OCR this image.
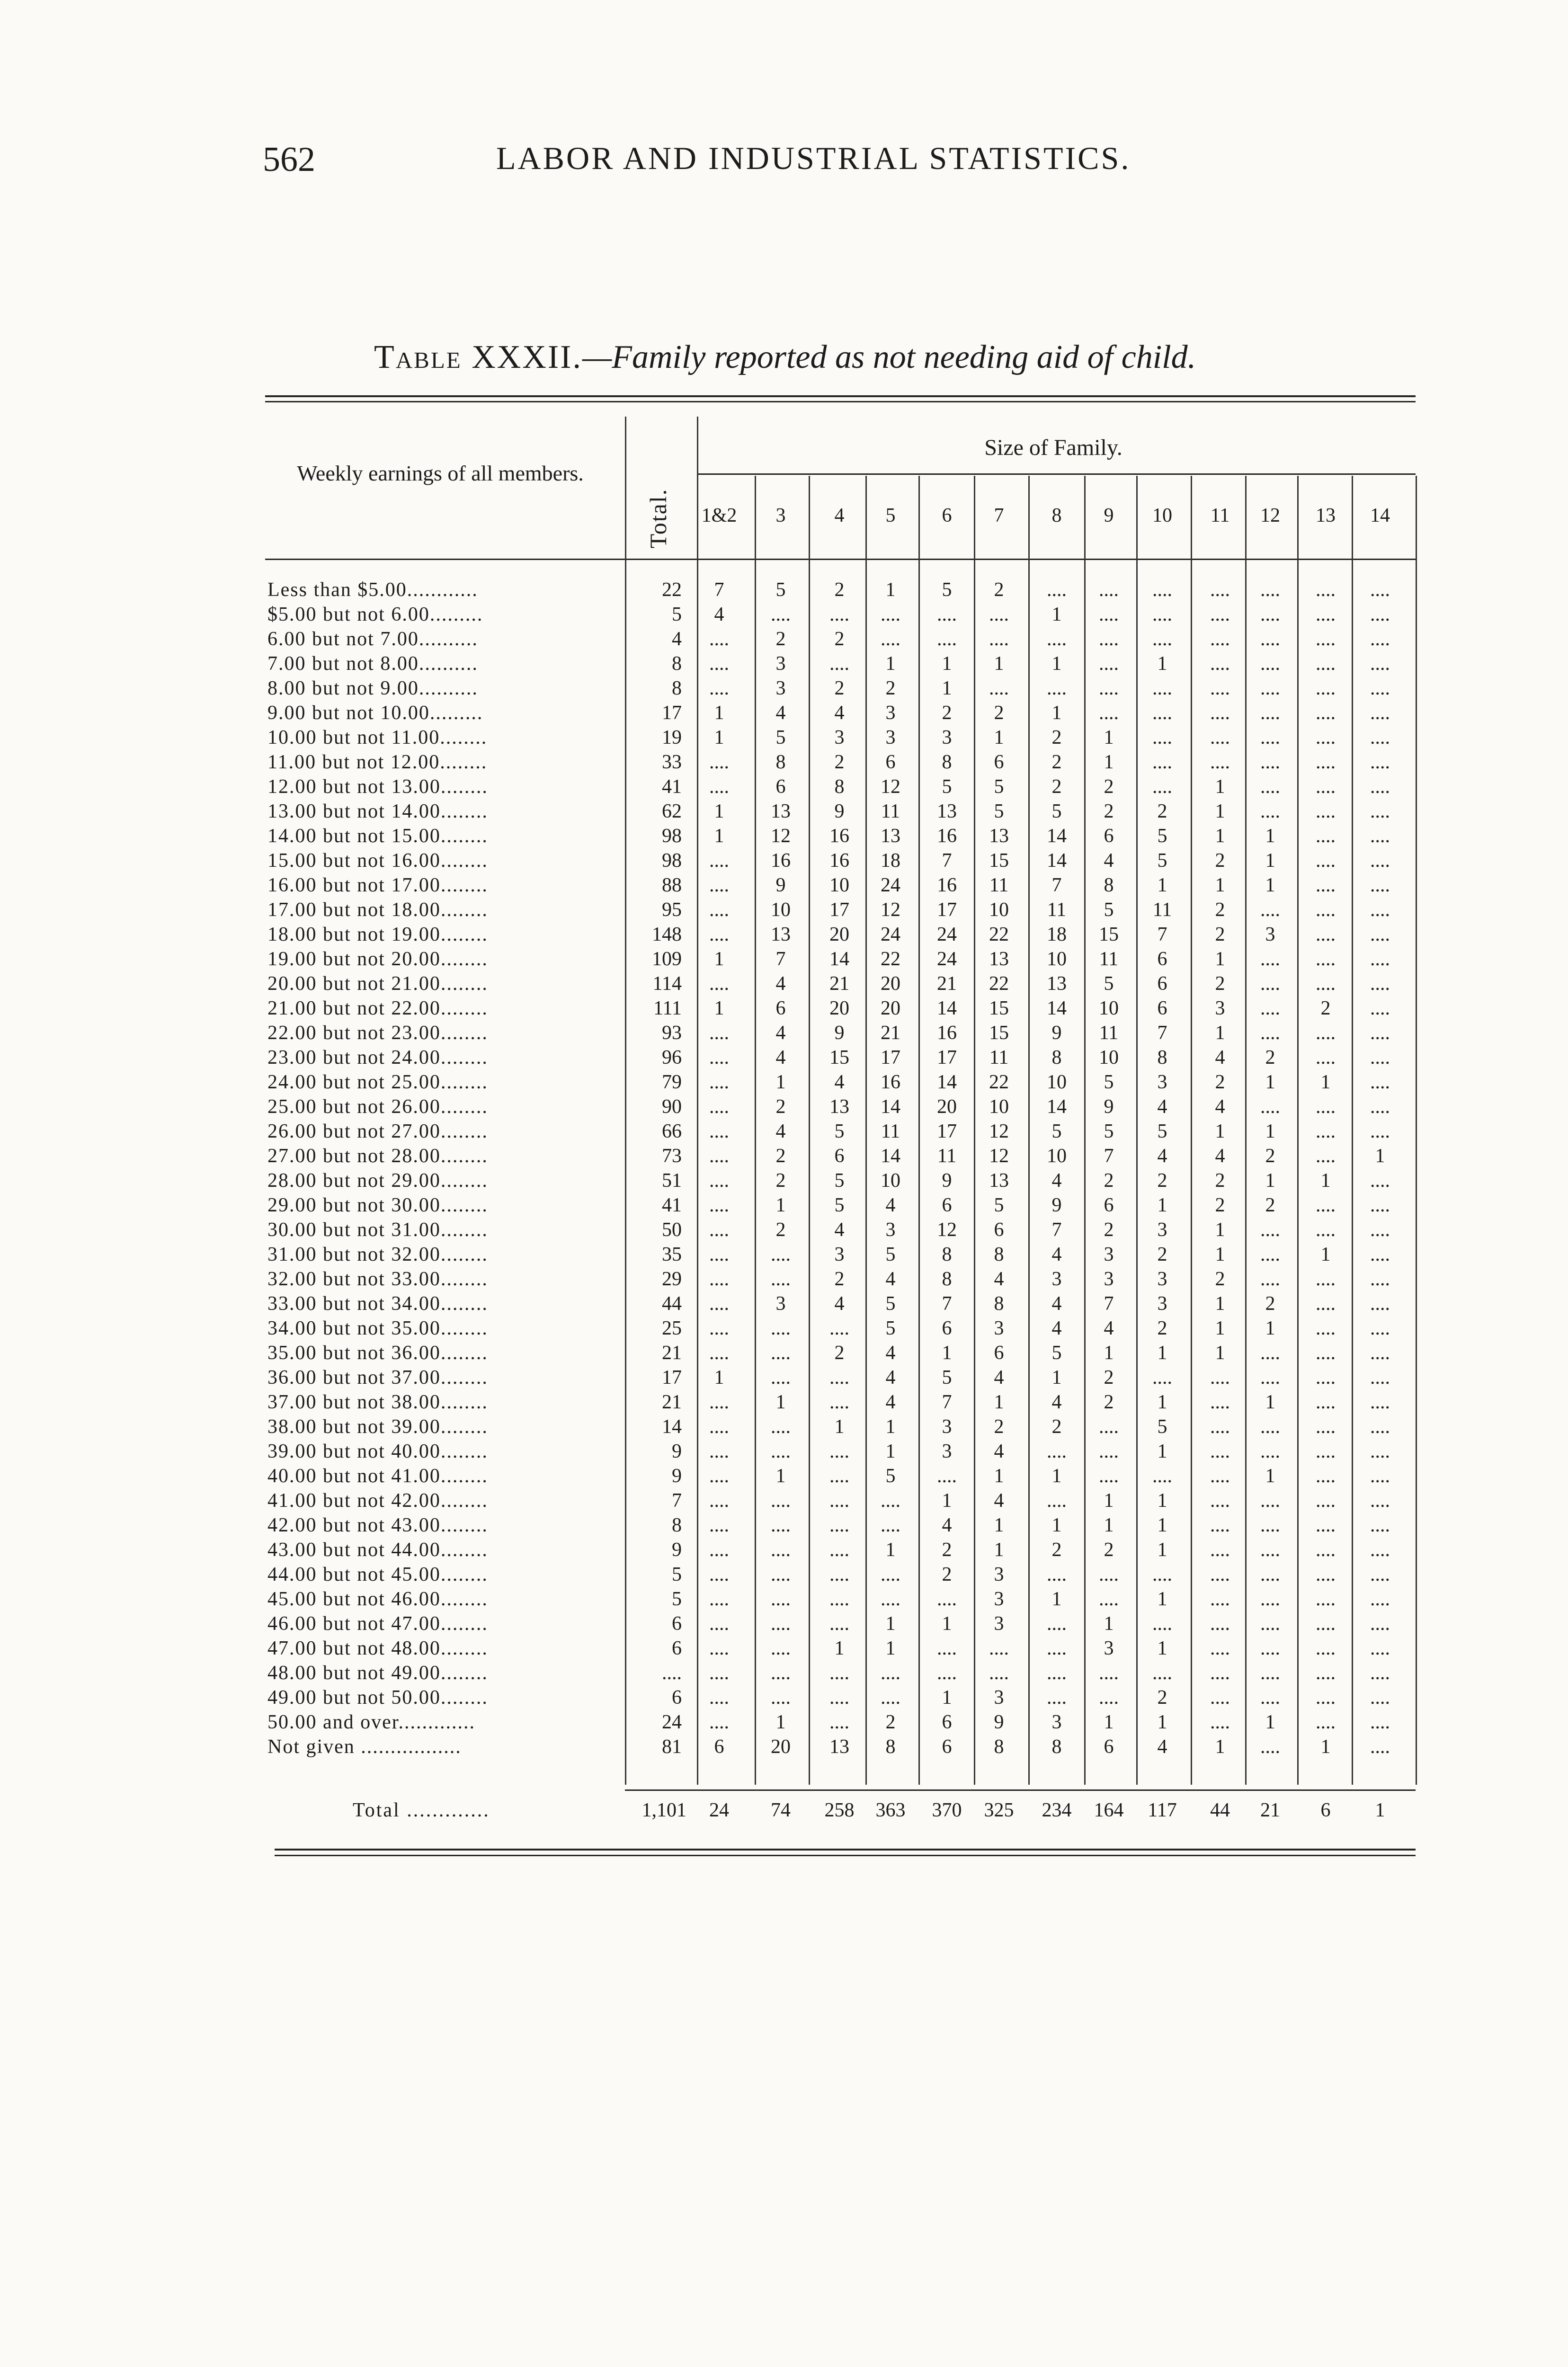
562	LABOR AND INDUSTRIAL STATISTICS.
Table XXXII.—Family reported as not needing aid of child.
Weekly earnings of all members.
Total.
Size of Family.
1&2	3	4	5	6	7	8	9	10	11	12	13	14
Less than $5.00............	22	7	5	2	1	5	2	....	....	....	....	....	....	....
$5.00 but not 6.00.........	5	4	....	....	....	....	....	1	....	....	....	....	....	....
6.00 but not 7.00..........	4	....	2	2	....	....	....	....	....	....	....	....	....	....
7.00 but not 8.00..........	8	....	3	....	1	1	1	1	....	1	....	....	....	....
8.00 but not 9.00..........	8	....	3	2	2	1	....	....	....	....	....	....	....	....
9.00 but not 10.00.........	17	1	4	4	3	2	2	1	....	....	....	....	....	....
10.00 but not 11.00........	19	1	5	3	3	3	1	2	1	....	....	....	....	....
11.00 but not 12.00........	33	....	8	2	6	8	6	2	1	....	....	....	....	....
12.00 but not 13.00........	41	....	6	8	12	5	5	2	2	....	1	....	....	....
13.00 but not 14.00........	62	1	13	9	11	13	5	5	2	2	1	....	....	....
14.00 but not 15.00........	98	1	12	16	13	16	13	14	6	5	1	1	....	....
15.00 but not 16.00........	98	....	16	16	18	7	15	14	4	5	2	1	....	....
16.00 but not 17.00........	88	....	9	10	24	16	11	7	8	1	1	1	....	....
17.00 but not 18.00........	95	....	10	17	12	17	10	11	5	11	2	....	....	....
18.00 but not 19.00........	148	....	13	20	24	24	22	18	15	7	2	3	....	....
19.00 but not 20.00........	109	1	7	14	22	24	13	10	11	6	1	....	....	....
20.00 but not 21.00........	114	....	4	21	20	21	22	13	5	6	2	....	....	....
21.00 but not 22.00........	111	1	6	20	20	14	15	14	10	6	3	....	2	....
22.00 but not 23.00........	93	....	4	9	21	16	15	9	11	7	1	....	....	....
23.00 but not 24.00........	96	....	4	15	17	17	11	8	10	8	4	2	....	....
24.00 but not 25.00........	79	....	1	4	16	14	22	10	5	3	2	1	1	....
25.00 but not 26.00........	90	....	2	13	14	20	10	14	9	4	4	....	....	....
26.00 but not 27.00........	66	....	4	5	11	17	12	5	5	5	1	1	....	....
27.00 but not 28.00........	73	....	2	6	14	11	12	10	7	4	4	2	....	1
28.00 but not 29.00........	51	....	2	5	10	9	13	4	2	2	2	1	1	....
29.00 but not 30.00........	41	....	1	5	4	6	5	9	6	1	2	2	....	....
30.00 but not 31.00........	50	....	2	4	3	12	6	7	2	3	1	....	....	....
31.00 but not 32.00........	35	....	....	3	5	8	8	4	3	2	1	....	1	....
32.00 but not 33.00........	29	....	....	2	4	8	4	3	3	3	2	....	....	....
33.00 but not 34.00........	44	....	3	4	5	7	8	4	7	3	1	2	....	....
34.00 but not 35.00........	25	....	....	....	5	6	3	4	4	2	1	1	....	....
35.00 but not 36.00........	21	....	....	2	4	1	6	5	1	1	1	....	....	....
36.00 but not 37.00........	17	1	....	....	4	5	4	1	2	....	....	....	....	....
37.00 but not 38.00........	21	....	1	....	4	7	1	4	2	1	....	1	....	....
38.00 but not 39.00........	14	....	....	1	1	3	2	2	....	5	....	....	....	....
39.00 but not 40.00........	9	....	....	....	1	3	4	....	....	1	....	....	....	....
40.00 but not 41.00........	9	....	1	....	5	....	1	1	....	....	....	1	....	....
41.00 but not 42.00........	7	....	....	....	....	1	4	....	1	1	....	....	....	....
42.00 but not 43.00........	8	....	....	....	....	4	1	1	1	1	....	....	....	....
43.00 but not 44.00........	9	....	....	....	1	2	1	2	2	1	....	....	....	....
44.00 but not 45.00........	5	....	....	....	....	2	3	....	....	....	....	....	....	....
45.00 but not 46.00........	5	....	....	....	....	....	3	1	....	1	....	....	....	....
46.00 but not 47.00........	6	....	....	....	1	1	3	....	1	....	....	....	....	....
47.00 but not 48.00........	6	....	....	1	1	....	....	....	3	1	....	....	....	....
48.00 but not 49.00........	....	....	....	....	....	....	....	....	....	....	....	....	....	....
49.00 but not 50.00........	6	....	....	....	....	1	3	....	....	2	....	....	....	....
50.00 and over.............	24	....	1	....	2	6	9	3	1	1	....	1	....	....
Not given .................	81	6	20	13	8	6	8	8	6	4	1	....	1	....
Total .............	1,101	24	74	258	363	370	325	234	164	117	44	21	6	1
